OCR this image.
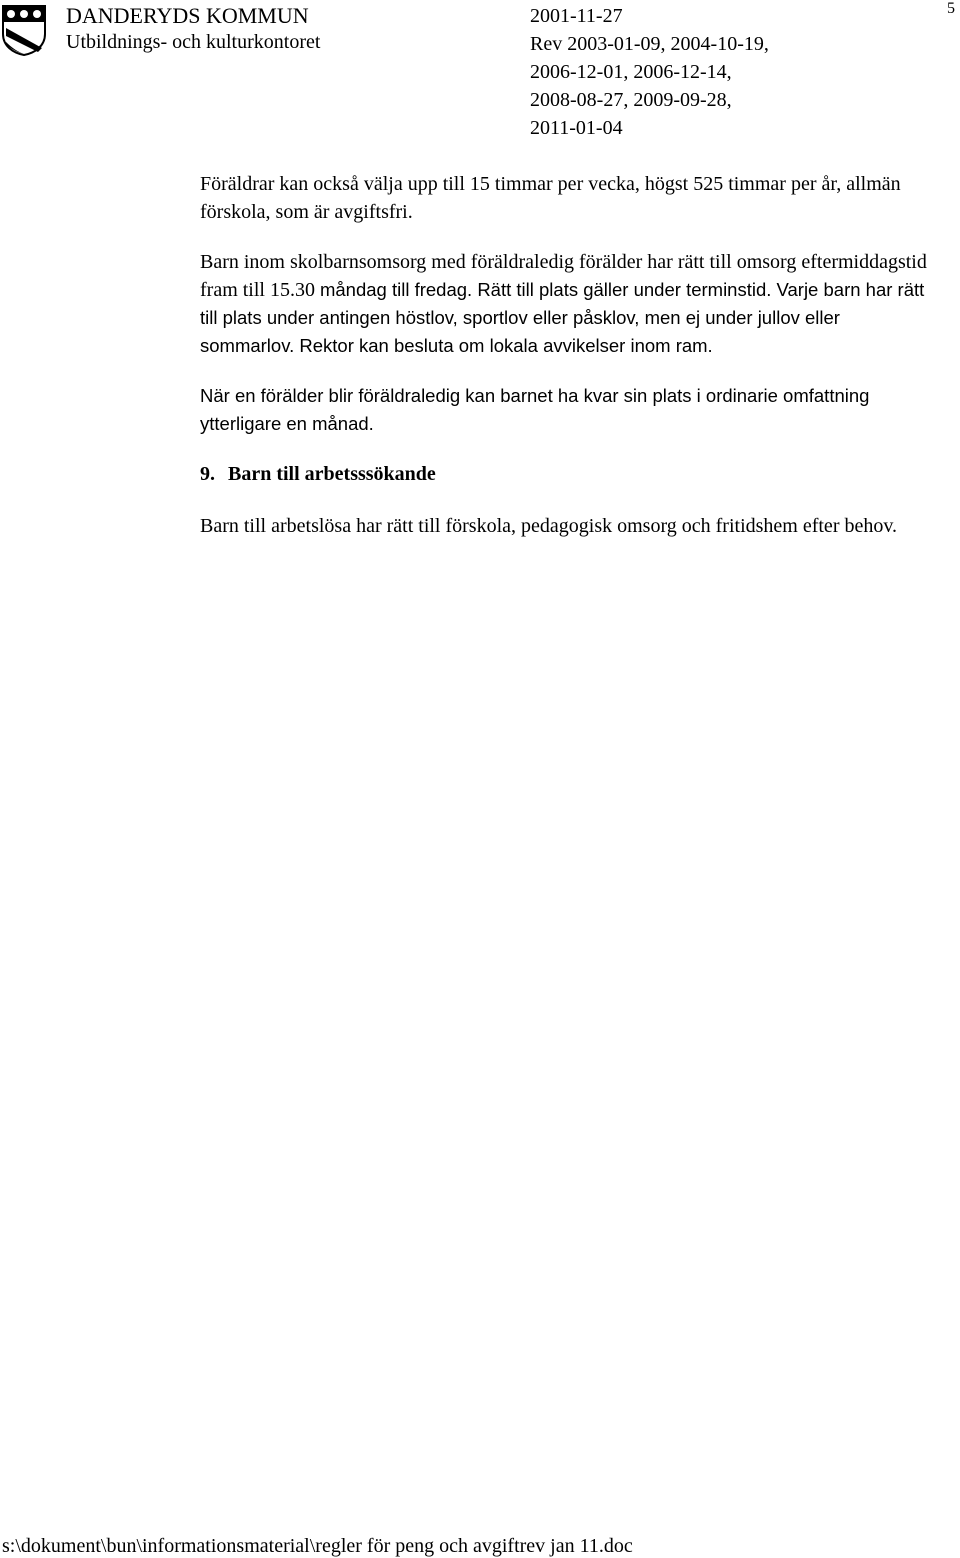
DANDERYDS KOMMUN
Utbildnings- och kulturkontoret
2001-11-27
Rev 2003-01-09, 2004-10-19,
2006-12-01, 2006-12-14,
2008-08-27, 2009-09-28,
2011-01-04
5

Föräldrar kan också välja upp till 15 timmar per vecka, högst 525 timmar per år, allmän förskola, som är avgiftsfri.

Barn inom skolbarnsomsorg med föräldraledig förälder har rätt till omsorg eftermiddagstid fram till 15.30 måndag till fredag. Rätt till plats gäller under terminstid. Varje barn har rätt till plats under antingen höstlov, sportlov eller påsklov, men ej under jullov eller sommarlov. Rektor kan besluta om lokala avvikelser inom ram.

När en förälder blir föräldraledig kan barnet ha kvar sin plats i ordinarie omfattning ytterligare en månad.

9. Barn till arbetsssökande

Barn till arbetslösa har rätt till förskola, pedagogisk omsorg och fritidshem efter behov.

s:\dokument\bun\informationsmaterial\regler för peng och avgiftrev jan 11.doc
